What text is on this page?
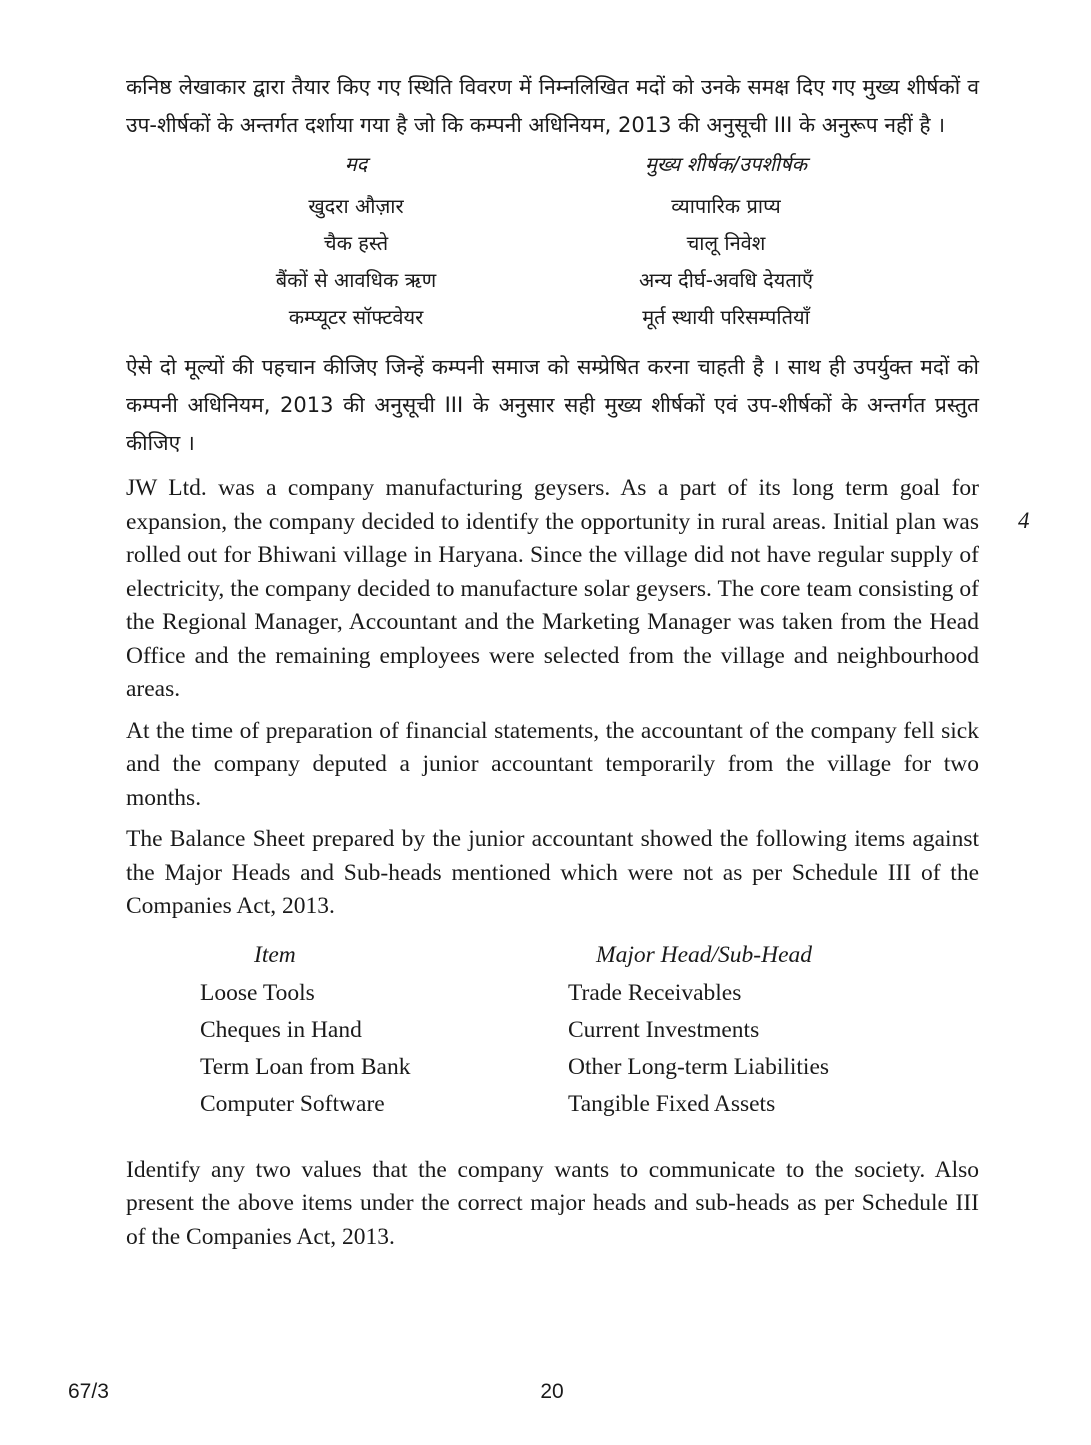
कनिष्ठ लेखाकार द्वारा तैयार किए गए स्थिति विवरण में निम्नलिखित मदों को उनके समक्ष दिए गए मुख्य शीर्षकों व उप-शीर्षकों के अन्तर्गत दर्शाया गया है जो कि कम्पनी अधिनियम, 2013 की अनुसूची III के अनुरूप नहीं है ।

मद	मुख्य शीर्षक/उपशीर्षक
खुदरा औज़ार	व्यापारिक प्राप्य
चैक हस्ते	चालू निवेश
बैंकों से आवधिक ऋण	अन्य दीर्घ-अवधि देयताएँ
कम्प्यूटर सॉफ्टवेयर	मूर्त स्थायी परिसम्पतियाँ

ऐसे दो मूल्यों की पहचान कीजिए जिन्हें कम्पनी समाज को सम्प्रेषित करना चाहती है । साथ ही उपर्युक्त मदों को कम्पनी अधिनियम, 2013 की अनुसूची III के अनुसार सही मुख्य शीर्षकों एवं उप-शीर्षकों के अन्तर्गत प्रस्तुत कीजिए ।

JW Ltd. was a company manufacturing geysers. As a part of its long term goal for expansion, the company decided to identify the opportunity in rural areas. Initial plan was rolled out for Bhiwani village in Haryana. Since the village did not have regular supply of electricity, the company decided to manufacture solar geysers. The core team consisting of the Regional Manager, Accountant and the Marketing Manager was taken from the Head Office and the remaining employees were selected from the village and neighbourhood areas.

At the time of preparation of financial statements, the accountant of the company fell sick and the company deputed a junior accountant temporarily from the village for two months.

The Balance Sheet prepared by the junior accountant showed the following items against the Major Heads and Sub-heads mentioned which were not as per Schedule III of the Companies Act, 2013.

Item	Major Head/Sub-Head
Loose Tools	Trade Receivables
Cheques in Hand	Current Investments
Term Loan from Bank	Other Long-term Liabilities
Computer Software	Tangible Fixed Assets

Identify any two values that the company wants to communicate to the society. Also present the above items under the correct major heads and sub-heads as per Schedule III of the Companies Act, 2013.

4
67/3	20
